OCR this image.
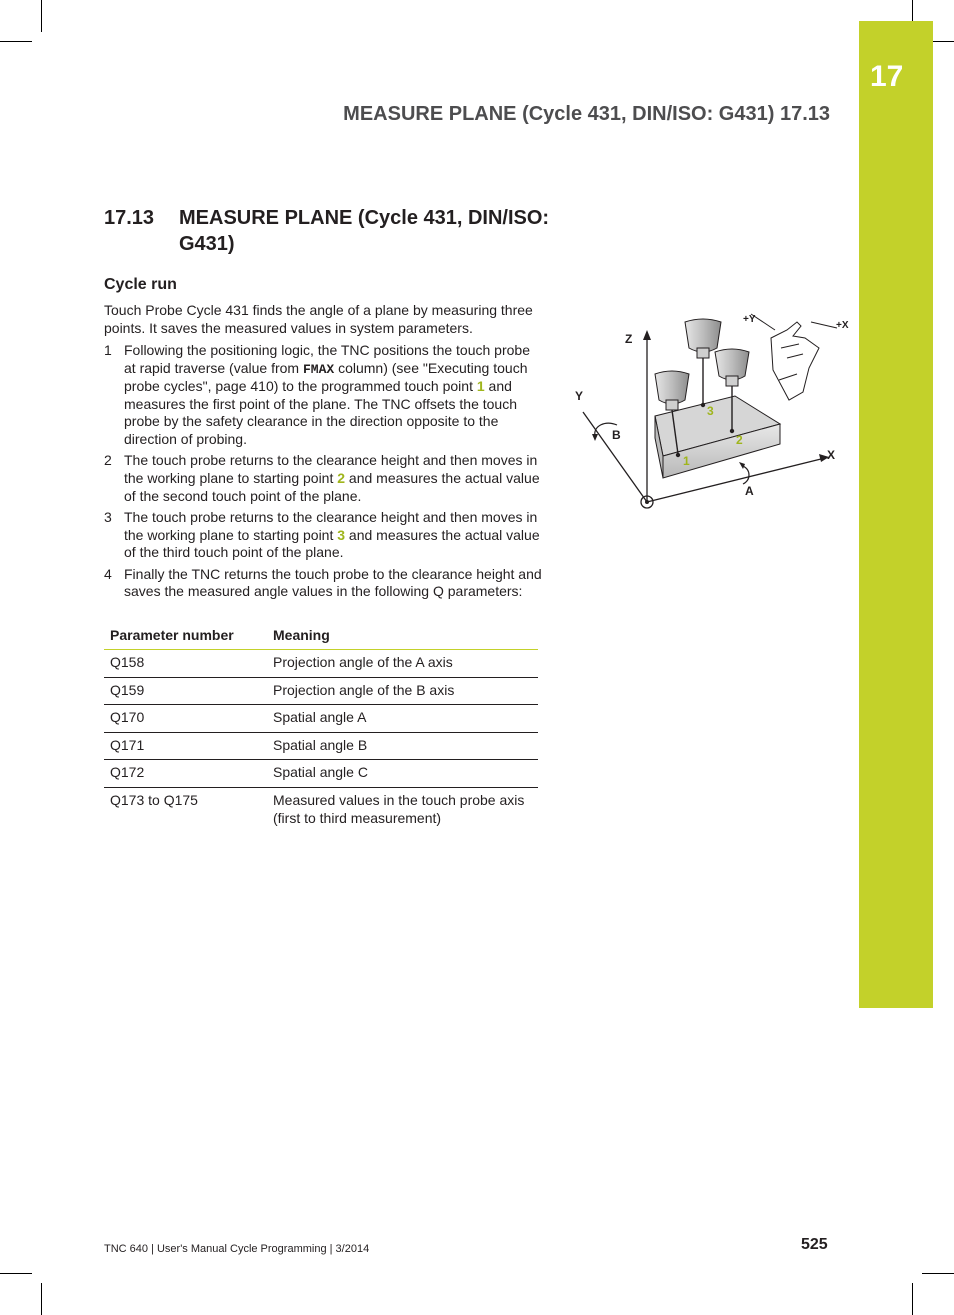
17
MEASURE PLANE (Cycle 431, DIN/ISO: G431) 17.13
17.13 MEASURE PLANE (Cycle 431, DIN/ISO: G431)
Cycle run
Touch Probe Cycle 431 finds the angle of a plane by measuring three points. It saves the measured values in system parameters.
1 Following the positioning logic, the TNC positions the touch probe at rapid traverse (value from FMAX column) (see "Executing touch probe cycles", page 410) to the programmed touch point 1 and measures the first point of the plane. The TNC offsets the touch probe by the safety clearance in the direction opposite to the direction of probing.
2 The touch probe returns to the clearance height and then moves in the working plane to starting point 2 and measures the actual value of the second touch point of the plane.
3 The touch probe returns to the clearance height and then moves in the working plane to starting point 3 and measures the actual value of the third touch point of the plane.
4 Finally the TNC returns the touch probe to the clearance height and saves the measured angle values in the following Q parameters:
Parameter number	Meaning
Q158	Projection angle of the A axis
Q159	Projection angle of the B axis
Q170	Spatial angle A
Q171	Spatial angle B
Q172	Spatial angle C
Q173 to Q175	Measured values in the touch probe axis (first to third measurement)
Z
Y
B
X
A
+Y
+X
1
2
3
TNC 640 | User's Manual Cycle Programming | 3/2014	525
